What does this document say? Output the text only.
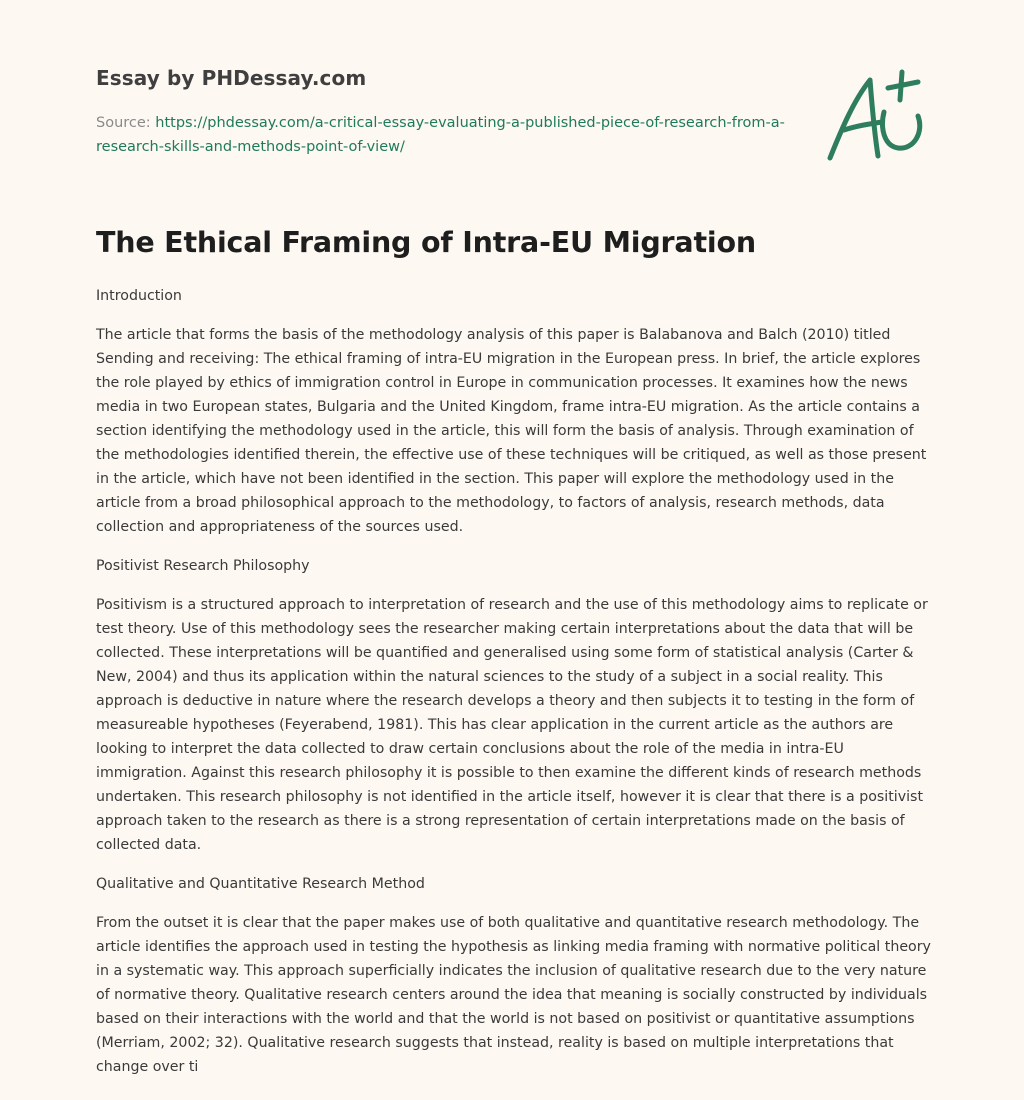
Essay by PHDessay.com
Source: https://phdessay.com/a-critical-essay-evaluating-a-published-piece-of-research-from-a-research-skills-and-methods-point-of-view/
The Ethical Framing of Intra-EU Migration

Introduction

The article that forms the basis of the methodology analysis of this paper is Balabanova and Balch (2010) titled Sending and receiving: The ethical framing of intra-EU migration in the European press. In brief, the article explores the role played by ethics of immigration control in Europe in communication processes. It examines how the news media in two European states, Bulgaria and the United Kingdom, frame intra-EU migration. As the article contains a section identifying the methodology used in the article, this will form the basis of analysis. Through examination of the methodologies identified therein, the effective use of these techniques will be critiqued, as well as those present in the article, which have not been identified in the section. This paper will explore the methodology used in the article from a broad philosophical approach to the methodology, to factors of analysis, research methods, data collection and appropriateness of the sources used.

Positivist Research Philosophy

Positivism is a structured approach to interpretation of research and the use of this methodology aims to replicate or test theory. Use of this methodology sees the researcher making certain interpretations about the data that will be collected. These interpretations will be quantified and generalised using some form of statistical analysis (Carter & New, 2004) and thus its application within the natural sciences to the study of a subject in a social reality. This approach is deductive in nature where the research develops a theory and then subjects it to testing in the form of measureable hypotheses (Feyerabend, 1981). This has clear application in the current article as the authors are looking to interpret the data collected to draw certain conclusions about the role of the media in intra-EU immigration. Against this research philosophy it is possible to then examine the different kinds of research methods undertaken. This research philosophy is not identified in the article itself, however it is clear that there is a positivist approach taken to the research as there is a strong representation of certain interpretations made on the basis of collected data.

Qualitative and Quantitative Research Method

From the outset it is clear that the paper makes use of both qualitative and quantitative research methodology. The article identifies the approach used in testing the hypothesis as linking media framing with normative political theory in a systematic way. This approach superficially indicates the inclusion of qualitative research due to the very nature of normative theory. Qualitative research centers around the idea that meaning is socially constructed by individuals based on their interactions with the world and that the world is not based on positivist or quantitative assumptions (Merriam, 2002; 32). Qualitative research suggests that instead, reality is based on multiple interpretations that change over ti
